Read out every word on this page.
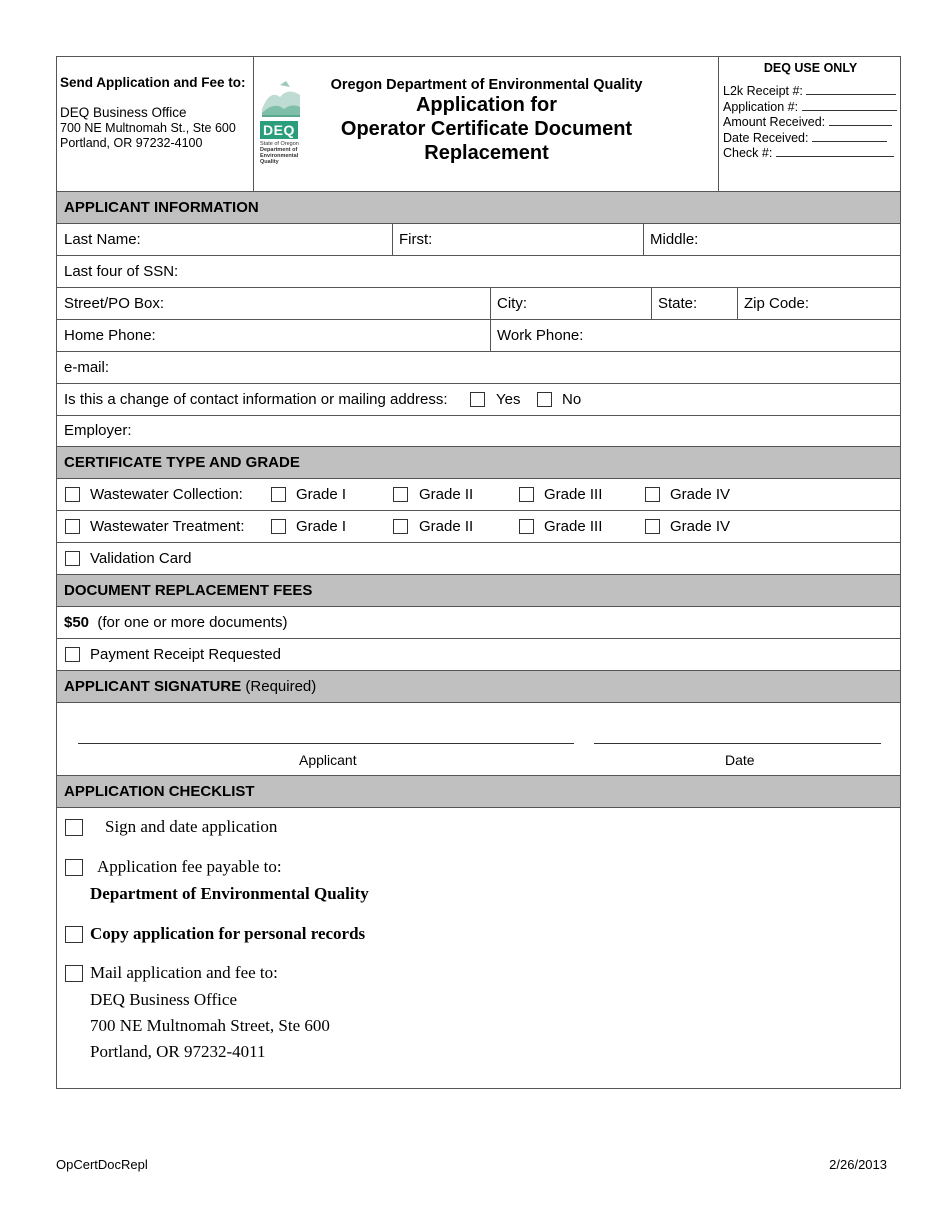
Send Application and Fee to:
DEQ Business Office
700 NE Multnomah St., Ste 600
Portland, OR 97232-4100
DEQ
State of Oregon
Department of
Environmental
Quality
Oregon Department of Environmental Quality
Application for
Operator Certificate Document
Replacement
DEQ USE ONLY
L2k Receipt #:
Application #:
Amount Received:
Date Received:
Check #:
APPLICANT INFORMATION
Last Name:	First:	Middle:
Last four of SSN:
Street/PO Box:	City:	State:	Zip Code:
Home Phone:	Work Phone:
e-mail:
Is this a change of contact information or mailing address:	Yes	No
Employer:
CERTIFICATE TYPE AND GRADE
Wastewater Collection:	Grade I	Grade II	Grade III	Grade IV
Wastewater Treatment:	Grade I	Grade II	Grade III	Grade IV
Validation Card
DOCUMENT REPLACEMENT FEES
$50 (for one or more documents)
Payment Receipt Requested
APPLICANT SIGNATURE (Required)
Applicant	Date
APPLICATION CHECKLIST
Sign and date application
Application fee payable to:
Department of Environmental Quality
Copy application for personal records
Mail application and fee to:
DEQ Business Office
700 NE Multnomah Street, Ste 600
Portland, OR 97232-4011
OpCertDocRepl	2/26/2013
